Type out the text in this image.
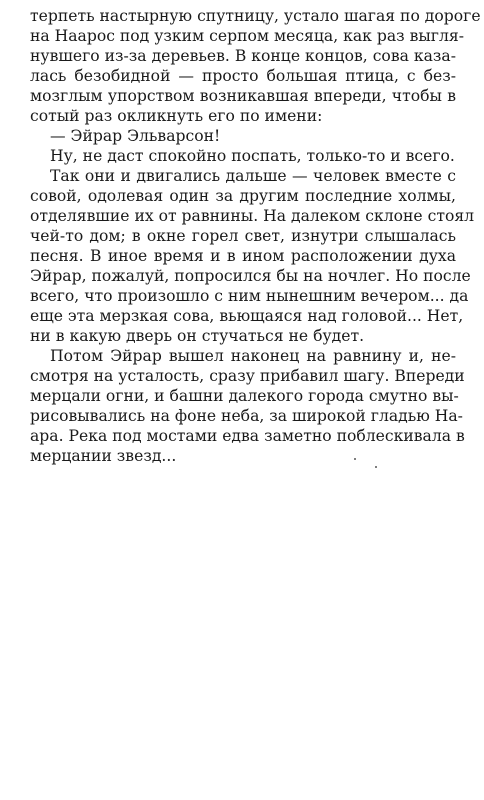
терпеть настырную спутницу, устало шагая по дороге
на Наарос под узким серпом месяца, как раз выгля-
нувшего из-за деревьев. В конце концов, сова каза-
лась безобидной — просто большая птица, с без-
мозглым упорством возникавшая впереди, чтобы в
сотый раз окликнуть его по имени:
— Эйрар Эльварсон!
Ну, не даст спокойно поспать, только-то и всего.
Так они и двигались дальше — человек вместе с
совой, одолевая один за другим последние холмы,
отделявшие их от равнины. На далеком склоне стоял
чей-то дом; в окне горел свет, изнутри слышалась
песня. В иное время и в ином расположении духа
Эйрар, пожалуй, попросился бы на ночлег. Но после
всего, что произошло с ним нынешним вечером... да
еще эта мерзкая сова, вьющаяся над головой... Нет,
ни в какую дверь он стучаться не будет.
Потом Эйрар вышел наконец на равнину и, не-
смотря на усталость, сразу прибавил шагу. Впереди
мерцали огни, и башни далекого города смутно вы-
рисовывались на фоне неба, за широкой гладью На-
ара. Река под мостами едва заметно поблескивала в
мерцании звезд...
